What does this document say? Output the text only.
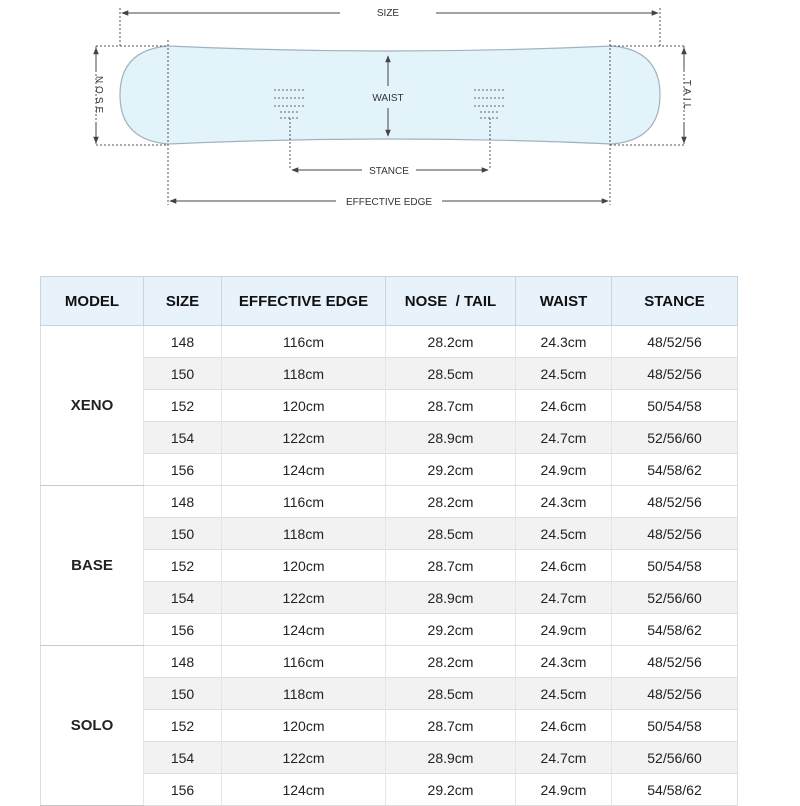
SIZE
WAIST
NOSE	TAIL
STANCE
EFFECTIVE EDGE
MODEL	SIZE	EFFECTIVE EDGE	NOSE  / TAIL	WAIST	STANCE
XENO	148	116cm	28.2cm	24.3cm	48/52/56
	150	118cm	28.5cm	24.5cm	48/52/56
	152	120cm	28.7cm	24.6cm	50/54/58
	154	122cm	28.9cm	24.7cm	52/56/60
	156	124cm	29.2cm	24.9cm	54/58/62
BASE	148	116cm	28.2cm	24.3cm	48/52/56
	150	118cm	28.5cm	24.5cm	48/52/56
	152	120cm	28.7cm	24.6cm	50/54/58
	154	122cm	28.9cm	24.7cm	52/56/60
	156	124cm	29.2cm	24.9cm	54/58/62
SOLO	148	116cm	28.2cm	24.3cm	48/52/56
	150	118cm	28.5cm	24.5cm	48/52/56
	152	120cm	28.7cm	24.6cm	50/54/58
	154	122cm	28.9cm	24.7cm	52/56/60
	156	124cm	29.2cm	24.9cm	54/58/62
